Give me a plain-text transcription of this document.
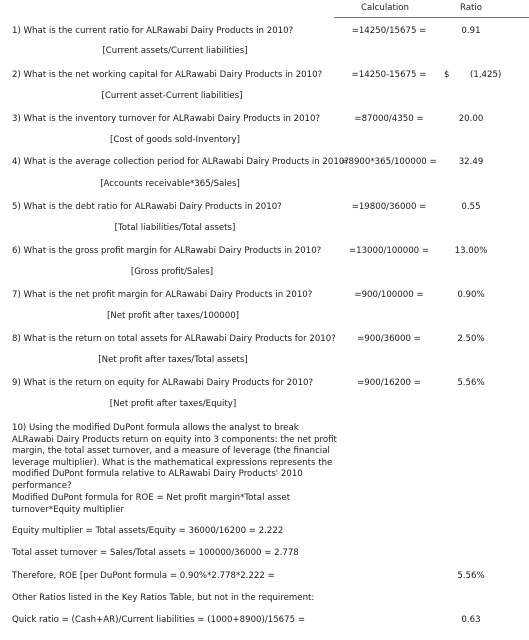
Calculation	Ratio
1) What is the current ratio for ALRawabi Dairy Products in 2010?	=14250/15675 =	0.91
[Current assets/Current liabilities]
2) What is the net working capital for ALRawabi Dairy Products in 2010?	=14250-15675 =	$ (1,425)
[Current asset-Current liabilities]
3) What is the inventory turnover for ALRawabi Dairy Products in 2010?	=87000/4350 =	20.00
[Cost of goods sold-Inventory]
4) What is the average collection period for ALRawabi Dairy Products in 2010?
=8900*365/100000 =	32.49
[Accounts receivable*365/Sales]
5) What is the debt ratio for ALRawabi Dairy Products in 2010?	=19800/36000 =	0.55
[Total liabilities/Total assets]
6) What is the gross profit margin for ALRawabi Dairy Products in 2010?	=13000/100000 =	13.00%
[Gross profit/Sales]
7) What is the net profit margin for ALRawabi Dairy Products in 2010?	=900/100000 =	0.90%
[Net profit after taxes/100000]
8) What is the return on total assets for ALRawabi Dairy Products for 2010?	=900/36000 =	2.50%
[Net profit after taxes/Total assets]
9) What is the return on equity for ALRawabi Dairy Products for 2010?	=900/16200 =	5.56%
[Net profit after taxes/Equity]
10) Using the modified DuPont formula allows the analyst to break ALRawabi Dairy Products return on equity into 3 components: the net profit margin, the total asset turnover, and a measure of leverage (the financial leverage multiplier). What is the mathematical expressions represents the modified DuPont formula relative to ALRawabi Dairy Products' 2010 performance?
Modified DuPont formula for ROE = Net profit margin*Total asset turnover*Equity multiplier
Equity multiplier = Total assets/Equity = 36000/16200 = 2.222
Total asset turnover = Sales/Total assets = 100000/36000 = 2.778
Therefore, ROE [per DuPont formula = 0.90%*2.778*2.222 =	5.56%
Other Ratios listed in the Key Ratios Table, but not in the requirement:
Quick ratio = (Cash+AR)/Current liabilities = (1000+8900)/15675 =	0.63
